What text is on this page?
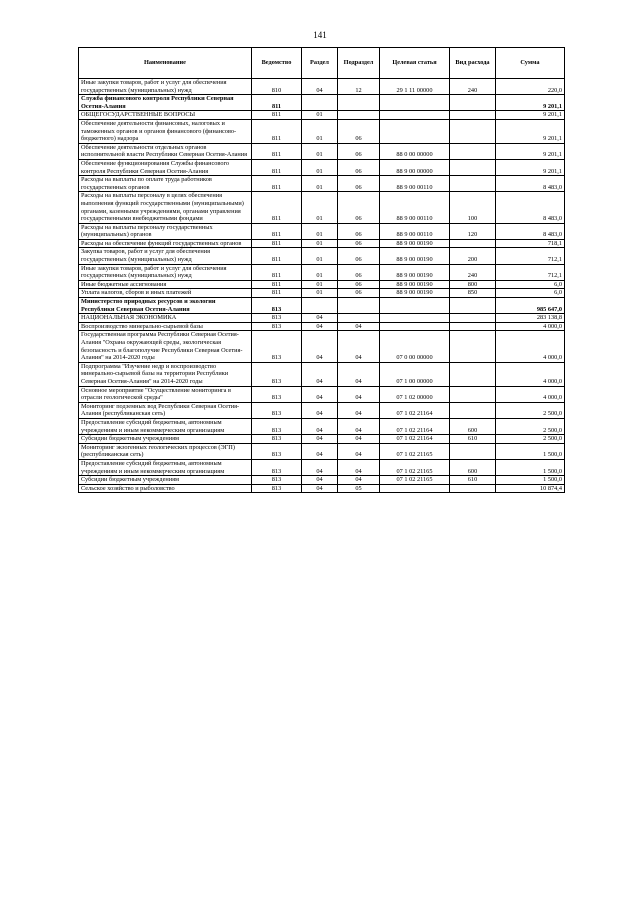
141
Наименование	Ведомство	Раздел	Подраздел	Целевая статья	Вид расхода	Сумма
Иные закупки товаров, работ и услуг для обеспечения государственных (муниципальных) нужд	810	04	12	29 1 11 00000	240	220,0
Служба финансового контроля Республики Северная Осетия-Алания	811					9 201,1
ОБЩЕГОСУДАРСТВЕННЫЕ ВОПРОСЫ	811	01				9 201,1
Обеспечение деятельности финансовых, налоговых и таможенных органов и органов финансового (финансово-бюджетного) надзора	811	01	06			9 201,1
Обеспечение деятельности отдельных органов исполнительной власти Республики Северная Осетия-Алания	811	01	06	88 0 00 00000		9 201,1
Обеспечение функционирования Службы финансового контроля Республики Северная Осетия-Алания	811	01	06	88 9 00 00000		9 201,1
Расходы на выплаты по оплате труда работников государственных органов	811	01	06	88 9 00 00110		8 483,0
Расходы на выплаты персоналу в целях обеспечения выполнения функций государственными (муниципальными) органами, казенными учреждениями, органами управления государственными внебюджетными фондами	811	01	06	88 9 00 00110	100	8 483,0
Расходы на выплаты персоналу государственных (муниципальных) органов	811	01	06	88 9 00 00110	120	8 483,0
Расходы на обеспечение функций государственных органов	811	01	06	88 9 00 00190		718,1
Закупка товаров, работ и услуг для обеспечения государственных (муниципальных) нужд	811	01	06	88 9 00 00190	200	712,1
Иные закупки товаров, работ и услуг для обеспечения государственных (муниципальных) нужд	811	01	06	88 9 00 00190	240	712,1
Иные бюджетные ассигнования	811	01	06	88 9 00 00190	800	6,0
Уплата налогов, сборов и иных платежей	811	01	06	88 9 00 00190	850	6,0
Министерство природных ресурсов и экологии Республики Северная Осетия-Алания	813					985 647,0
НАЦИОНАЛЬНАЯ ЭКОНОМИКА	813	04				283 138,8
Воспроизводство минерально-сырьевой базы	813	04	04			4 000,0
Государственная программа Республики Северная Осетия-Алания "Охрана окружающей среды, экологическая безопасность и благополучие Республики Северная Осетия-Алания" на 2014-2020 годы	813	04	04	07 0 00 00000		4 000,0
Подпрограмма "Изучение недр и воспроизводство минерально-сырьевой базы на территории Республики Северная Осетия-Алания" на 2014-2020 годы	813	04	04	07 1 00 00000		4 000,0
Основное мероприятие "Осуществление мониторинга в отрасли геологической среды"	813	04	04	07 1 02 00000		4 000,0
Мониторинг подземных вод Республики Северная Осетия-Алания (республиканская сеть)	813	04	04	07 1 02 21164		2 500,0
Предоставление субсидий бюджетным, автономным учреждениям и иным некоммерческим организациям	813	04	04	07 1 02 21164	600	2 500,0
Субсидии бюджетным учреждениям	813	04	04	07 1 02 21164	610	2 500,0
Мониторинг экзогенных геологических процессов (ЭГП) (республиканская сеть)	813	04	04	07 1 02 21165		1 500,0
Предоставление субсидий бюджетным, автономным учреждениям и иным некоммерческим организациям	813	04	04	07 1 02 21165	600	1 500,0
Субсидии бюджетным учреждениям	813	04	04	07 1 02 21165	610	1 500,0
Сельское хозяйство и рыболовство	813	04	05			10 874,4
